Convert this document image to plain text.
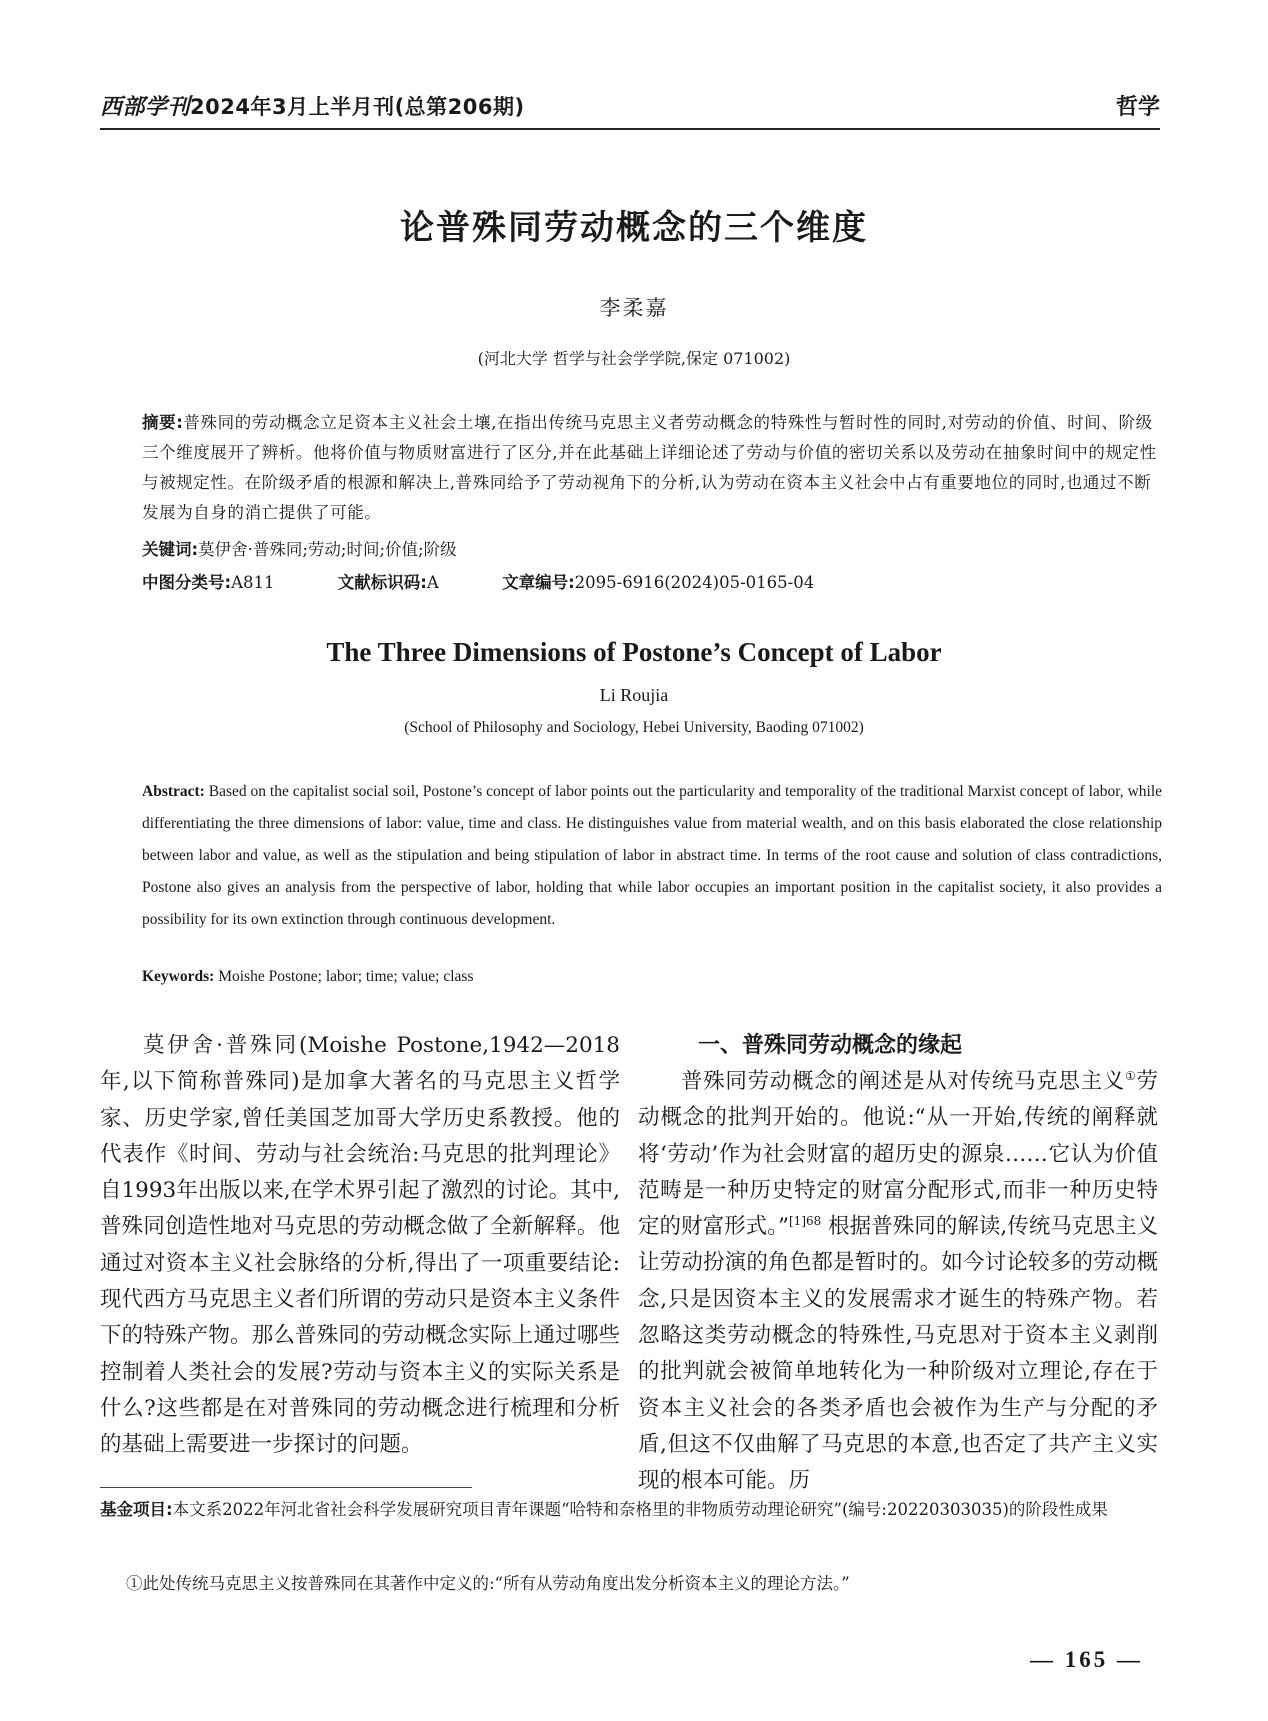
西部学刊2024年3月上半月刊(总第206期)	哲学
论普殊同劳动概念的三个维度
李柔嘉
(河北大学 哲学与社会学学院,保定 071002)
摘要:普殊同的劳动概念立足资本主义社会土壤,在指出传统马克思主义者劳动概念的特殊性与暂时性的同时,对劳动的价值、时间、阶级三个维度展开了辨析。他将价值与物质财富进行了区分,并在此基础上详细论述了劳动与价值的密切关系以及劳动在抽象时间中的规定性与被规定性。在阶级矛盾的根源和解决上,普殊同给予了劳动视角下的分析,认为劳动在资本主义社会中占有重要地位的同时,也通过不断发展为自身的消亡提供了可能。
关键词:莫伊舍·普殊同;劳动;时间;价值;阶级
中图分类号:A811	文献标识码:A	文章编号:2095-6916(2024)05-0165-04
The Three Dimensions of Postone’s Concept of Labor
Li Roujia
(School of Philosophy and Sociology, Hebei University, Baoding 071002)
Abstract: Based on the capitalist social soil, Postone’s concept of labor points out the particularity and temporality of the traditional Marxist concept of labor, while differentiating the three dimensions of labor: value, time and class. He distinguishes value from material wealth, and on this basis elaborated the close relationship between labor and value, as well as the stipulation and being stipulation of labor in abstract time. In terms of the root cause and solution of class contradictions, Postone also gives an analysis from the perspective of labor, holding that while labor occupies an important position in the capitalist society, it also provides a possibility for its own extinction through continuous development.
Keywords: Moishe Postone; labor; time; value; class

莫伊舍·普殊同(Moishe Postone,1942—2018年,以下简称普殊同)是加拿大著名的马克思主义哲学家、历史学家,曾任美国芝加哥大学历史系教授。他的代表作《时间、劳动与社会统治:马克思的批判理论》自1993年出版以来,在学术界引起了激烈的讨论。其中,普殊同创造性地对马克思的劳动概念做了全新解释。他通过对资本主义社会脉络的分析,得出了一项重要结论:现代西方马克思主义者们所谓的劳动只是资本主义条件下的特殊产物。那么普殊同的劳动概念实际上通过哪些控制着人类社会的发展?劳动与资本主义的实际关系是什么?这些都是在对普殊同的劳动概念进行梳理和分析的基础上需要进一步探讨的问题。

一、普殊同劳动概念的缘起

普殊同劳动概念的阐述是从对传统马克思主义①劳动概念的批判开始的。他说:“从一开始,传统的阐释就将‘劳动’作为社会财富的超历史的源泉……它认为价值范畴是一种历史特定的财富分配形式,而非一种历史特定的财富形式。”$^{[1]68}$ 根据普殊同的解读,传统马克思主义让劳动扮演的角色都是暂时的。如今讨论较多的劳动概念,只是因资本主义的发展需求才诞生的特殊产物。若忽略这类劳动概念的特殊性,马克思对于资本主义剥削的批判就会被简单地转化为一种阶级对立理论,存在于资本主义社会的各类矛盾也会被作为生产与分配的矛盾,但这不仅曲解了马克思的本意,也否定了共产主义实现的根本可能。历

基金项目:本文系2022年河北省社会科学发展研究项目青年课题“哈特和奈格里的非物质劳动理论研究”(编号:20220303035)的阶段性成果
①此处传统马克思主义按普殊同在其著作中定义的:“所有从劳动角度出发分析资本主义的理论方法。”
— 165 —
